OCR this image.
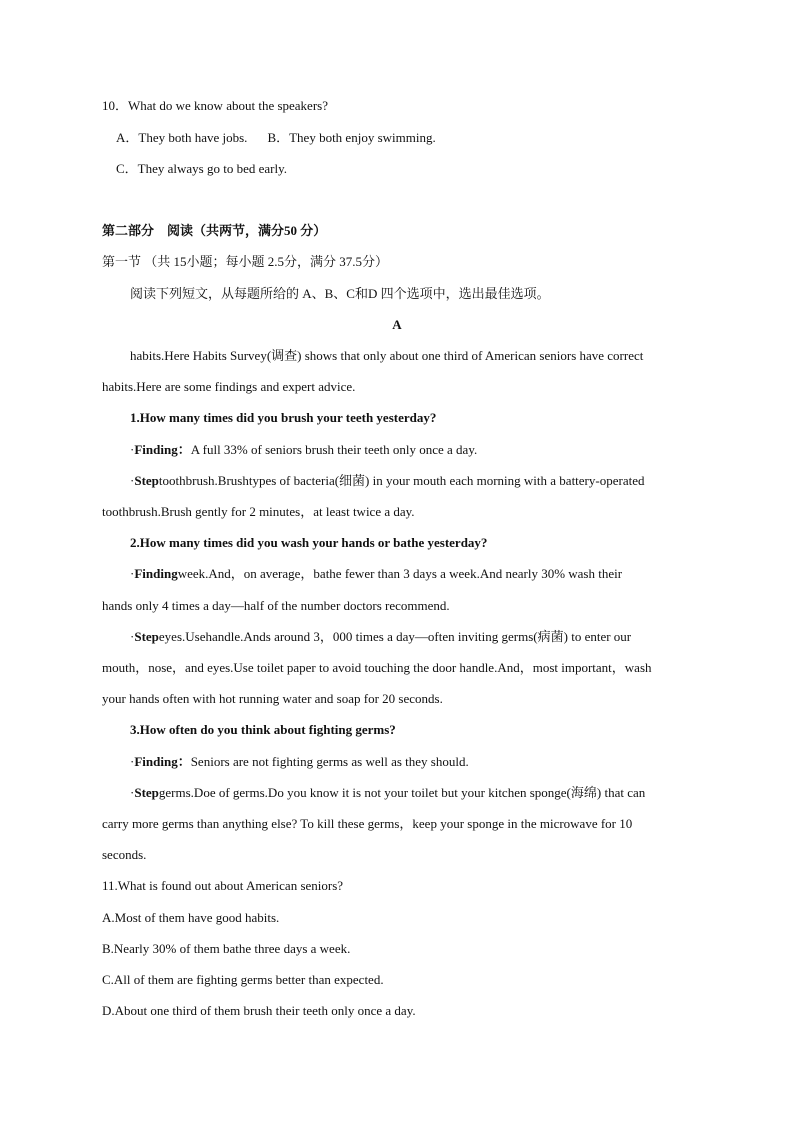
10．What do we know about the speakers?
A．They both have jobs. B．They both enjoy swimming.
C．They always go to bed early.
第二部分　阅读（共两节，满分50 分）
第一节 （共 15小题；每小题 2.5分，满分 37.5分）
阅读下列短文，从每题所给的 A、B、C和D 四个选项中，选出最佳选项。
A
habits.Here Habits Survey(调查) shows that only about one third of American seniors have correct
habits.Here are some findings and expert advice.
1.How many times did you brush your teeth yesterday?
·Finding：A full 33% of seniors brush their teeth only once a day.
·Steptoothbrush.Brushtypes of bacteria(细菌) in your mouth each morning with a battery-operated
toothbrush.Brush gently for 2 minutes，at least twice a day.
2.How many times did you wash your hands or bathe yesterday?
·Findingweek.And，on average，bathe fewer than 3 days a week.And nearly 30% wash their
hands only 4 times a day—half of the number doctors recommend.
·Stepeyes.Usehandle.Ands around 3，000 times a day—often inviting germs(病菌) to enter our
mouth，nose，and eyes.Use toilet paper to avoid touching the door handle.And，most important，wash
your hands often with hot running water and soap for 20 seconds.
3.How often do you think about fighting germs?
·Finding：Seniors are not fighting germs as well as they should.
·Stepgerms.Doe of germs.Do you know it is not your toilet but your kitchen sponge(海绵) that can
carry more germs than anything else? To kill these germs，keep your sponge in the microwave for 10
seconds.
11.What is found out about American seniors?
A.Most of them have good habits.
B.Nearly 30% of them bathe three days a week.
C.All of them are fighting germs better than expected.
D.About one third of them brush their teeth only once a day.
